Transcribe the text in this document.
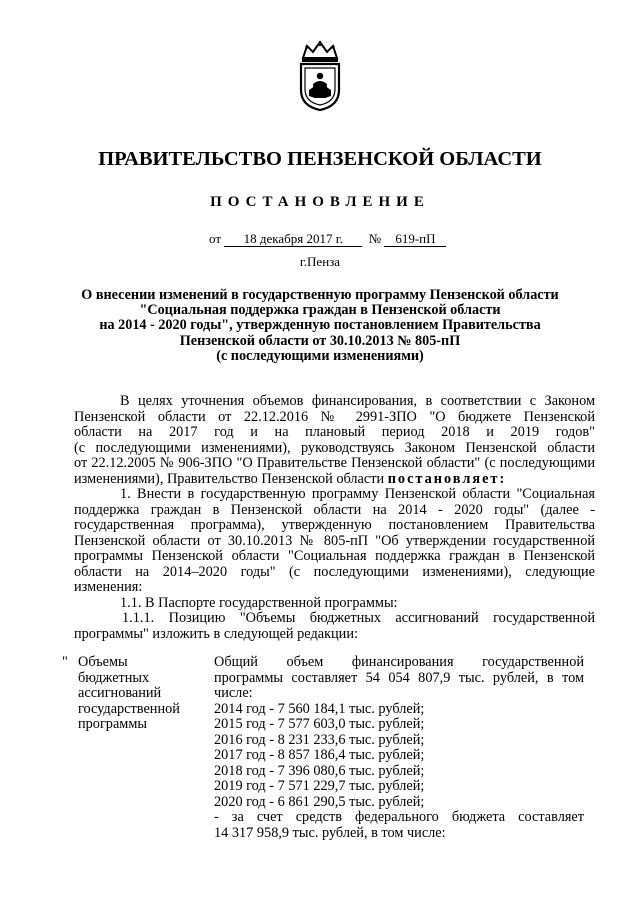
ПРАВИТЕЛЬСТВО ПЕНЗЕНСКОЙ ОБЛАСТИ
ПОСТАНОВЛЕНИЕ
от 18 декабря 2017 г. № 619-пП
г.Пенза
О внесении изменений в государственную программу Пензенской области
"Социальная поддержка граждан в Пензенской области
на 2014 - 2020 годы", утвержденную постановлением Правительства
Пензенской области от 30.10.2013 № 805-пП
(с последующими изменениями)
В целях уточнения объемов финансирования, в соответствии с Законом
Пензенской области от 22.12.2016 № 2991-ЗПО "О бюджете Пензенской
области на 2017 год и на плановый период 2018 и 2019 годов"
(с последующими изменениями), руководствуясь Законом Пензенской области
от 22.12.2005 № 906-ЗПО "О Правительстве Пензенской области" (с последующими
изменениями), Правительство Пензенской области постановляет:
1. Внести в государственную программу Пензенской области "Социальная
поддержка граждан в Пензенской области на 2014 - 2020 годы" (далее -
государственная программа), утвержденную постановлением Правительства
Пензенской области от 30.10.2013 № 805-пП "Об утверждении государственной
программы Пензенской области "Социальная поддержка граждан в Пензенской
области на 2014–2020 годы" (с последующими изменениями), следующие
изменения:
1.1. В Паспорте государственной программы:
1.1.1. Позицию "Объемы бюджетных ассигнований государственной
программы" изложить в следующей редакции:
" Объемы
бюджетных
ассигнований
государственной
программы
Общий объем финансирования государственной
программы составляет 54 054 807,9 тыс. рублей, в том
числе:
2014 год - 7 560 184,1 тыс. рублей;
2015 год - 7 577 603,0 тыс. рублей;
2016 год - 8 231 233,6 тыс. рублей;
2017 год - 8 857 186,4 тыс. рублей;
2018 год - 7 396 080,6 тыс. рублей;
2019 год - 7 571 229,7 тыс. рублей;
2020 год - 6 861 290,5 тыс. рублей;
- за счет средств федерального бюджета составляет
14 317 958,9 тыс. рублей, в том числе:
